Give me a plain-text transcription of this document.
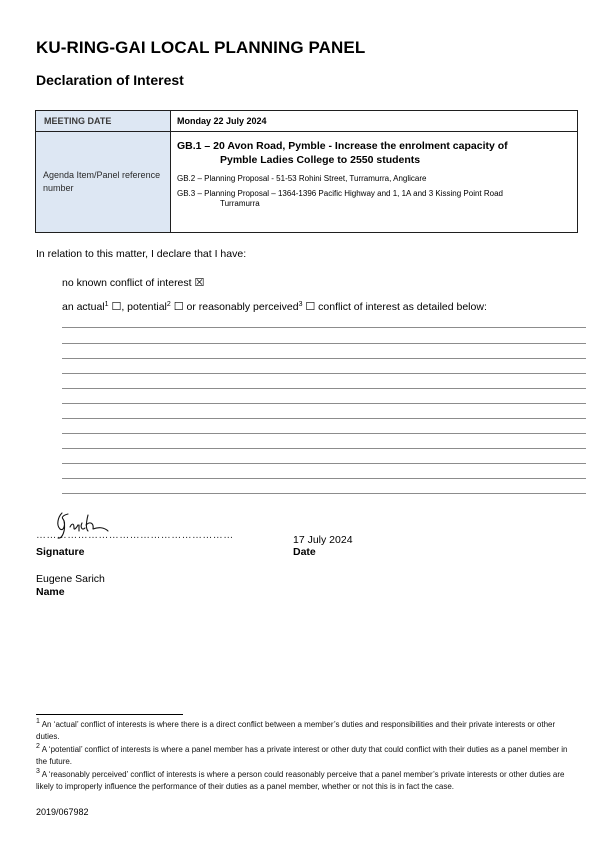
KU-RING-GAI LOCAL PLANNING PANEL
Declaration of Interest
MEETING DATE	Monday 22 July 2024
Agenda Item/Panel reference number
GB.1 – 20 Avon Road, Pymble - Increase the enrolment capacity of
Pymble Ladies College to 2550 students
GB.2 – Planning Proposal - 51-53 Rohini Street, Turramurra, Anglicare
GB.3 – Planning Proposal – 1364-1396 Pacific Highway and 1, 1A and 3 Kissing Point Road
Turramurra
In relation to this matter, I declare that I have:
no known conflict of interest ☒
an actual$^1$ ☐, potential$^2$ ☐ or reasonably perceived$^3$ ☐ conflict of interest as detailed below:
…………………………………………………
Signature
17 July 2024
Date
Eugene Sarich
Name
$^1$ An ‘actual’ conflict of interests is where there is a direct conflict between a member’s duties and responsibilities and their private interests or other duties.
$^2$ A ‘potential’ conflict of interests is where a panel member has a private interest or other duty that could conflict with their duties as a panel member in the future.
$^3$ A ‘reasonably perceived’ conflict of interests is where a person could reasonably perceive that a panel member’s private interests or other duties are likely to improperly influence the performance of their duties as a panel member, whether or not this is in fact the case.
2019/067982
